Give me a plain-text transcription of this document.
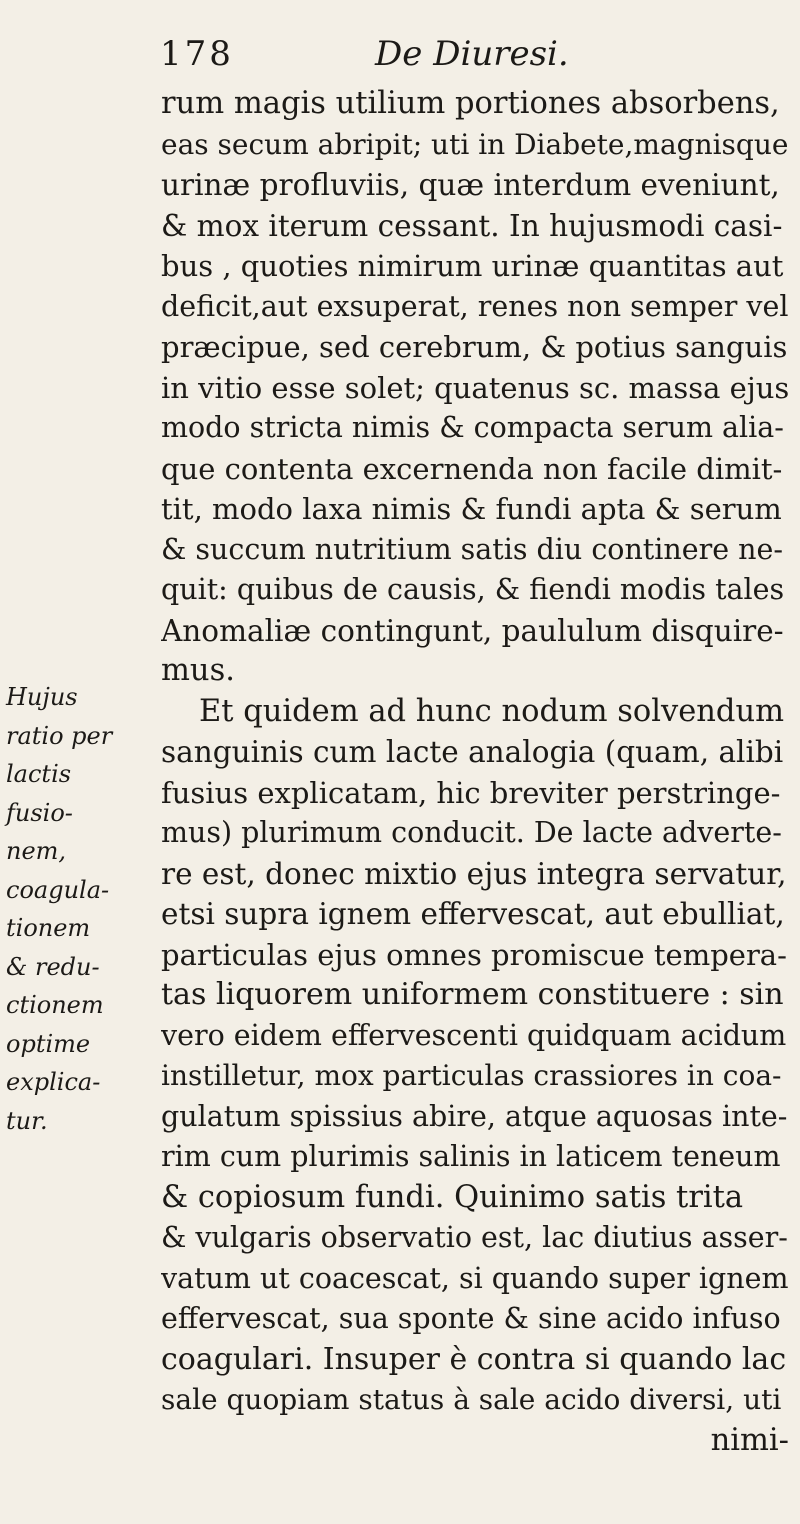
178	De Diuresi.
Hujus
ratio per
lactis
fusio-
nem,
coagula-
tionem
& redu-
ctionem
optime
explica-
tur.
rum magis utilium portiones absorbens,
eas secum abripit; uti in Diabete,magnisque
urinæ profluviis, quæ interdum eveniunt,
& mox iterum cessant. In hujusmodi casi-
bus , quoties nimirum urinæ quantitas aut
deficit,aut exsuperat, renes non semper vel
præcipue, sed cerebrum, & potius sanguis
in vitio esse solet; quatenus sc. massa ejus
modo stricta nimis & compacta serum alia-
que contenta excernenda non facile dimit-
tit, modo laxa nimis & fundi apta & serum
& succum nutritium satis diu continere ne-
quit: quibus de causis, & fiendi modis tales
Anomaliæ contingunt, paululum disquire-
mus.
Et quidem ad hunc nodum solvendum
sanguinis cum lacte analogia (quam, alibi
fusius explicatam, hic breviter perstringe-
mus) plurimum conducit. De lacte adverte-
re est, donec mixtio ejus integra servatur,
etsi supra ignem effervescat, aut ebulliat,
particulas ejus omnes promiscue tempera-
tas liquorem uniformem constituere : sin
vero eidem effervescenti quidquam acidum
instilletur, mox particulas crassiores in coa-
gulatum spissius abire, atque aquosas inte-
rim cum plurimis salinis in laticem teneum
& copiosum fundi. Quinimo satis trita
& vulgaris observatio est, lac diutius asser-
vatum ut coacescat, si quando super ignem
effervescat, sua sponte & sine acido infuso
coagulari. Insuper è contra si quando lac
sale quopiam status à sale acido diversi, uti
nimi-
